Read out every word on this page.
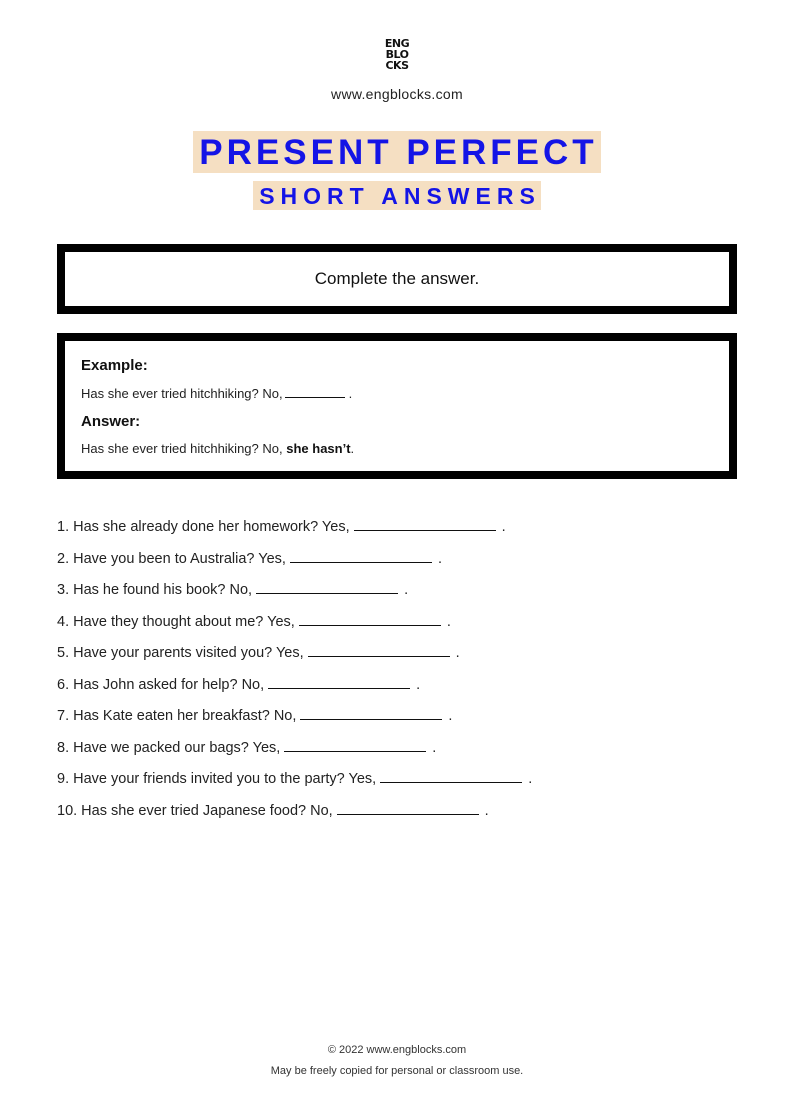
ENG
BLO
CKS
www.engblocks.com
PRESENT PERFECT
SHORT ANSWERS
Complete the answer.
Example:
Has she ever tried hitchhiking? No,	.
Answer:
Has she ever tried hitchhiking? No, she hasn’t.
1. Has she already done her homework? Yes,	.
2. Have you been to Australia? Yes,	.
3. Has he found his book? No,	.
4. Have they thought about me? Yes,	.
5. Have your parents visited you? Yes,	.
6. Has John asked for help? No,	.
7. Has Kate eaten her breakfast? No,	.
8. Have we packed our bags? Yes,	.
9. Have your friends invited you to the party? Yes,	.
10. Has she ever tried Japanese food? No,	.
© 2022 www.engblocks.com
May be freely copied for personal or classroom use.
